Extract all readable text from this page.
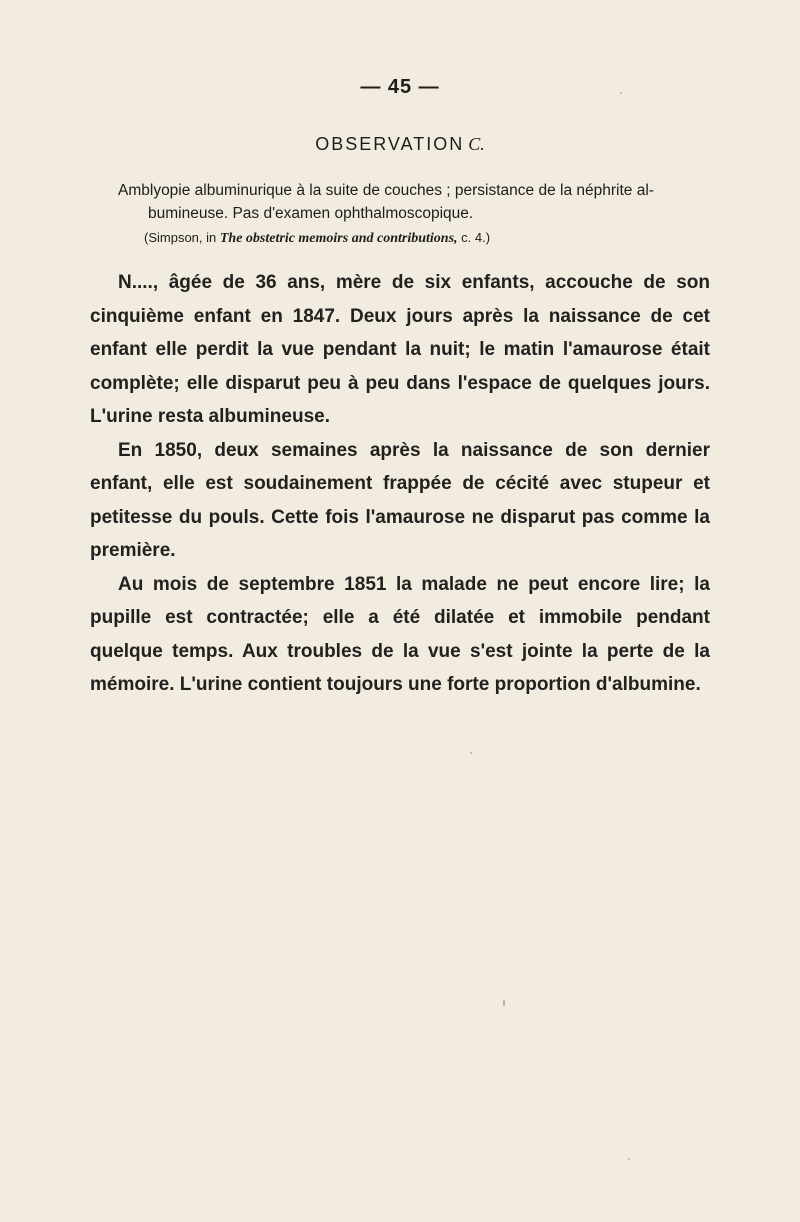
— 45 —
OBSERVATION C.
Amblyopie albuminurique à la suite de couches ; persistance de la néphrite al-
bumineuse. Pas d'examen ophthalmoscopique.
(Simpson, in The obstetric memoirs and contributions, c. 4.)

N...., âgée de 36 ans, mère de six enfants, accouche de son cinquième enfant en 1847. Deux jours après la naissance de cet enfant elle perdit la vue pendant la nuit; le matin l'amaurose était complète; elle disparut peu à peu dans l'espace de quelques jours. L'urine resta albumineuse.

En 1850, deux semaines après la naissance de son dernier enfant, elle est soudainement frappée de cécité avec stupeur et petitesse du pouls. Cette fois l'amaurose ne disparut pas comme la première.

Au mois de septembre 1851 la malade ne peut encore lire; la pupille est contractée; elle a été dilatée et immobile pendant quelque temps. Aux troubles de la vue s'est jointe la perte de la mémoire. L'urine contient toujours une forte proportion d'albumine.
